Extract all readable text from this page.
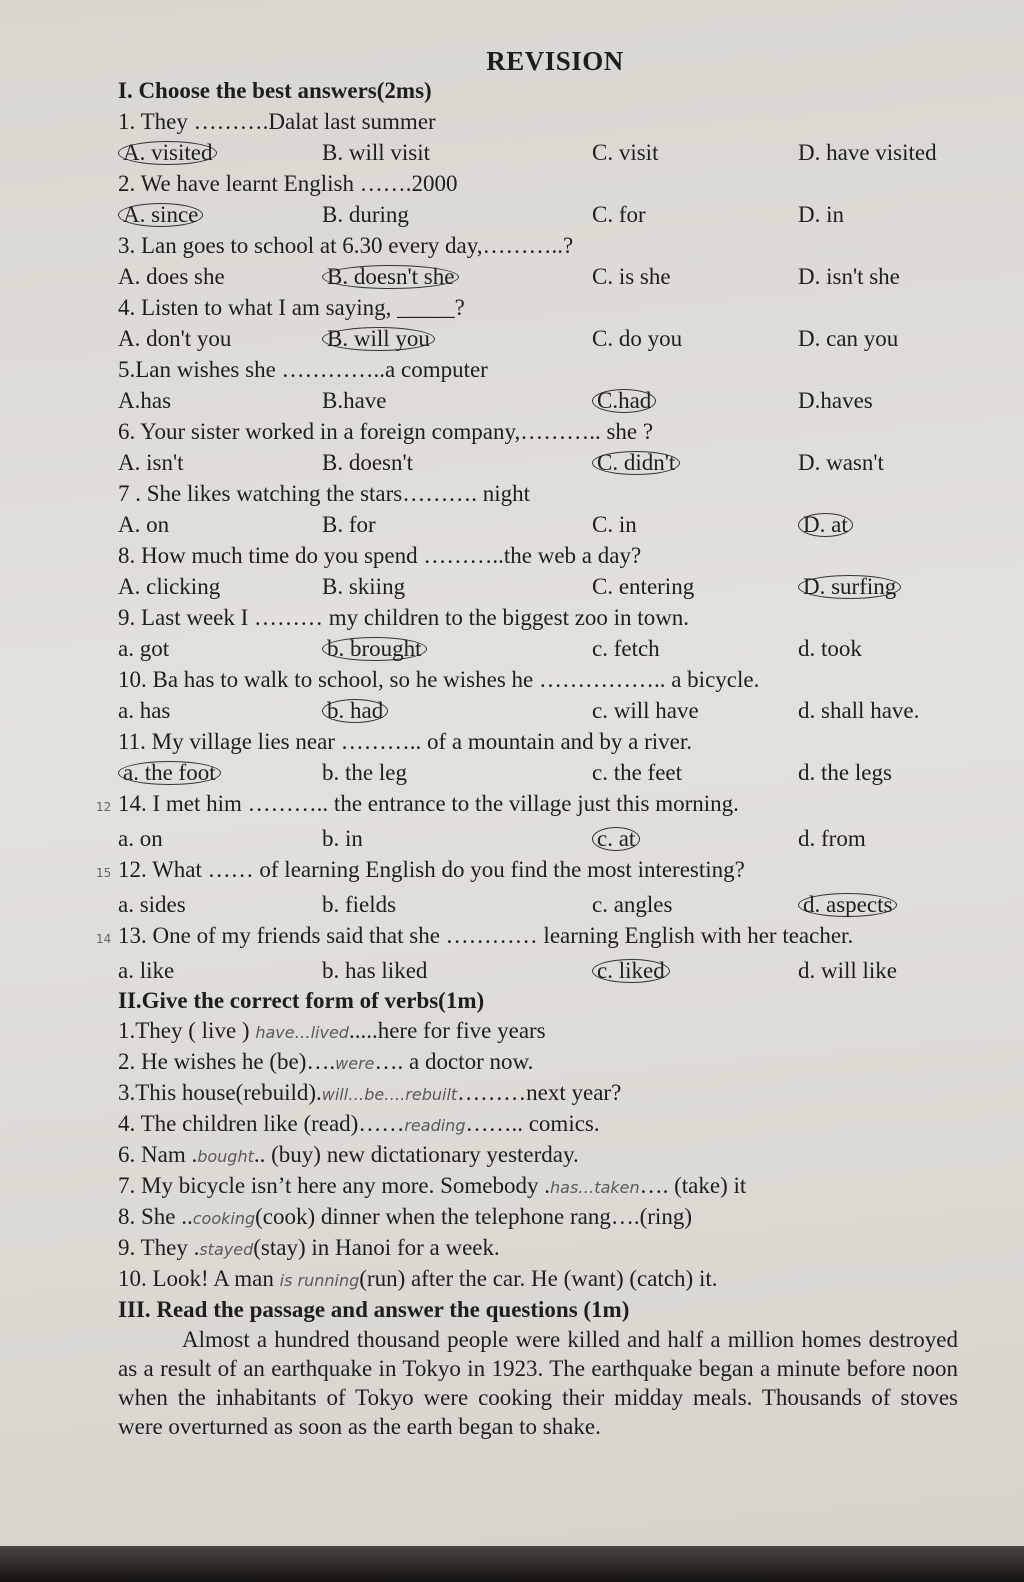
REVISION
I. Choose the best answers(2ms)
1. They ……….Dalat last summer
A. visited	B. will visit	C. visit	D. have visited
2. We have learnt English …….2000
A. since	B. during	C. for	D. in
3. Lan goes to school at 6.30 every day,………..?
A. does she	B. doesn't she	C. is she	D. isn't she
4. Listen to what I am saying, _____?
A. don't you	B. will you	C. do you	D. can you
5.Lan wishes she …………..a computer
A.has	B.have	C.had	D.haves
6. Your sister worked in a foreign company,……….. she ?
A. isn't	B. doesn't	C. didn't	D. wasn't
7 . She likes watching the stars………. night
A. on	B. for	C. in	D. at
8. How much time do you spend ………..the web a day?
A. clicking	B. skiing	C. entering	D. surfing
9. Last week I ……… my children to the biggest zoo in town.
a. got	b. brought	c. fetch	d. took
10. Ba has to walk to school, so he wishes he …………….. a bicycle.
a. has	b. had	c. will have	d. shall have.
11. My village lies near ……….. of a mountain and by a river.
a. the foot	b. the leg	c. the feet	d. the legs
12 14. I met him ……….. the entrance to the village just this morning.
a. on	b. in	c. at	d. from
15 12. What …… of learning English do you find the most interesting?
a. sides	b. fields	c. angles	d. aspects
14 13. One of my friends said that she ………… learning English with her teacher.
a. like	b. has liked	c. liked	d. will like
II.Give the correct form of verbs(1m)
1.They ( live ) have…lived.....here for five years
2. He wishes he (be)….were…. a doctor now.
3.This house(rebuild).will…be….rebuilt………next year?
4. The children like (read)……reading…….. comics.
6. Nam .bought.. (buy) new dictationary yesterday.
7. My bicycle isn’t here any more. Somebody .has…taken…. (take) it
8. She ..cooking(cook) dinner when the telephone rang….(ring)
9. They .stayed(stay) in Hanoi for a week.
10. Look! A man is running(run) after the car. He (want) (catch) it.
III. Read the passage and answer the questions (1m)
Almost a hundred thousand people were killed and half a million homes destroyed as a result of an earthquake in Tokyo in 1923. The earthquake began a minute before noon when the inhabitants of Tokyo were cooking their midday meals. Thousands of stoves were overturned as soon as the earth began to shake.
